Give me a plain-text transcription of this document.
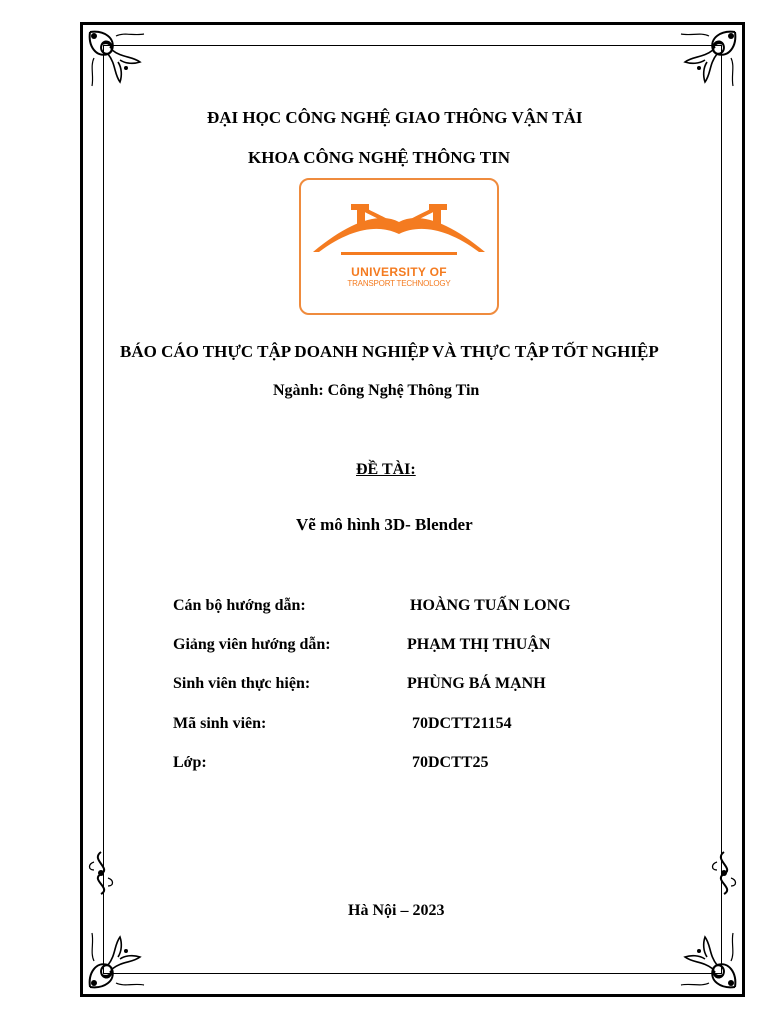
ĐẠI HỌC CÔNG NGHỆ GIAO THÔNG VẬN TẢI
KHOA CÔNG NGHỆ THÔNG TIN
UNIVERSITY OF
TRANSPORT TECHNOLOGY
BÁO CÁO THỰC TẬP DOANH NGHIỆP VÀ THỰC TẬP TỐT NGHIỆP
Ngành: Công Nghệ Thông Tin
ĐỀ TÀI:
Vẽ mô hình 3D- Blender
Cán bộ hướng dẫn:	HOÀNG TUẤN LONG
Giảng viên hướng dẫn:	PHẠM THỊ THUẬN
Sinh viên thực hiện:	PHÙNG BÁ MẠNH
Mã sinh viên:	70DCTT21154
Lớp:	70DCTT25
Hà Nội – 2023
